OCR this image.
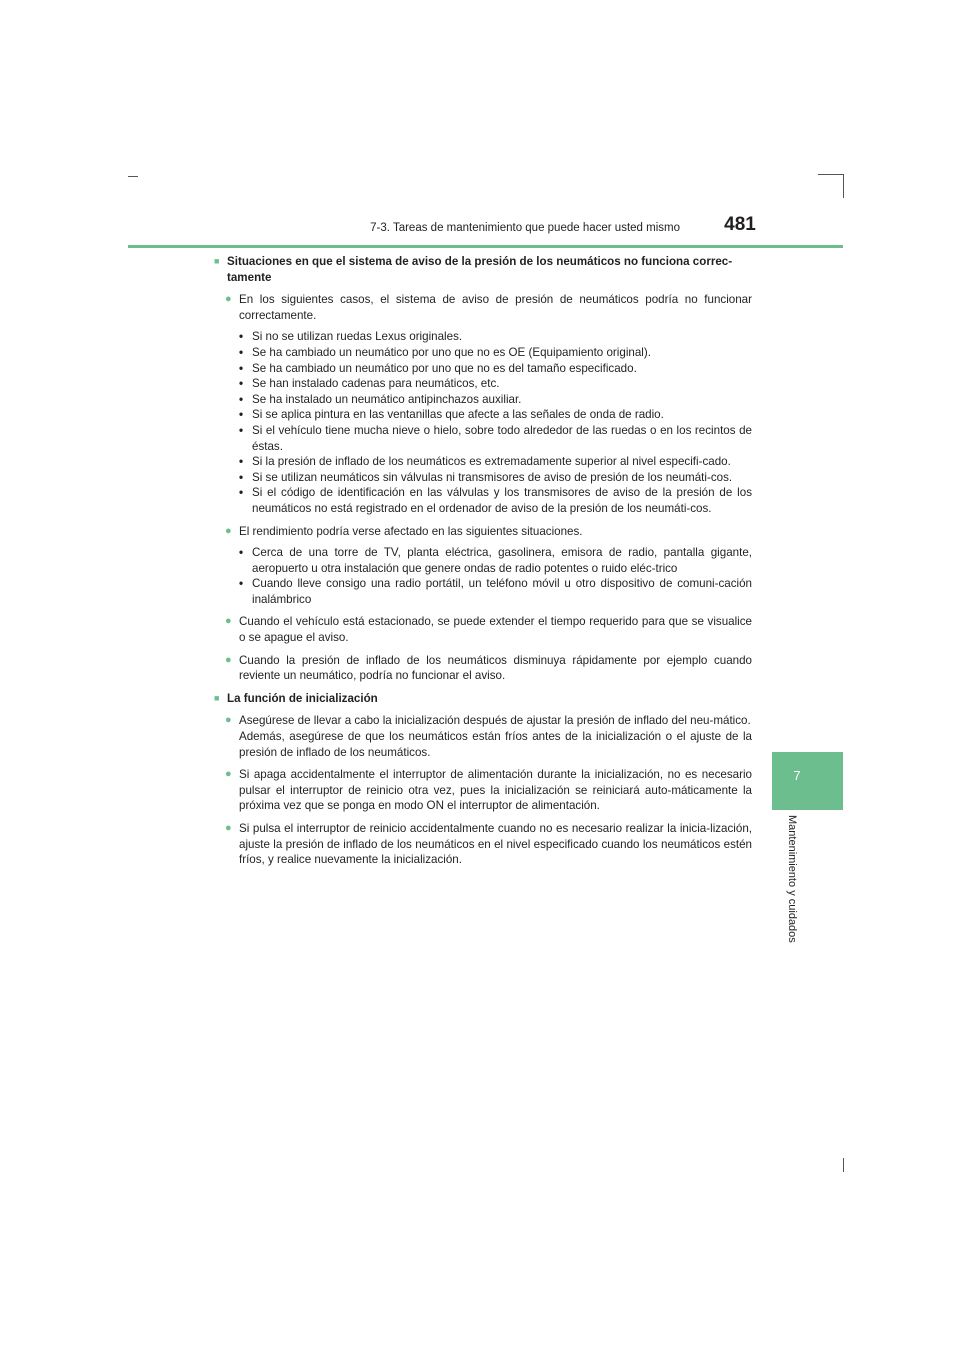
7-3. Tareas de mantenimiento que puede hacer usted mismo	481
7
Mantenimiento y cuidados
■ Situaciones en que el sistema de aviso de la presión de los neumáticos no funciona correc-tamente
● En los siguientes casos, el sistema de aviso de presión de neumáticos podría no funcionar correctamente.
• Si no se utilizan ruedas Lexus originales.
• Se ha cambiado un neumático por uno que no es OE (Equipamiento original).
• Se ha cambiado un neumático por uno que no es del tamaño especificado.
• Se han instalado cadenas para neumáticos, etc.
• Se ha instalado un neumático antipinchazos auxiliar.
• Si se aplica pintura en las ventanillas que afecte a las señales de onda de radio.
• Si el vehículo tiene mucha nieve o hielo, sobre todo alrededor de las ruedas o en los recintos de éstas.
• Si la presión de inflado de los neumáticos es extremadamente superior al nivel especifi-cado.
• Si se utilizan neumáticos sin válvulas ni transmisores de aviso de presión de los neumáti-cos.
• Si el código de identificación en las válvulas y los transmisores de aviso de la presión de los neumáticos no está registrado en el ordenador de aviso de la presión de los neumáti-cos.
● El rendimiento podría verse afectado en las siguientes situaciones.
• Cerca de una torre de TV, planta eléctrica, gasolinera, emisora de radio, pantalla gigante, aeropuerto u otra instalación que genere ondas de radio potentes o ruido eléc-trico
• Cuando lleve consigo una radio portátil, un teléfono móvil u otro dispositivo de comuni-cación inalámbrico
● Cuando el vehículo está estacionado, se puede extender el tiempo requerido para que se visualice o se apague el aviso.
● Cuando la presión de inflado de los neumáticos disminuya rápidamente por ejemplo cuando reviente un neumático, podría no funcionar el aviso.
■ La función de inicialización
● Asegúrese de llevar a cabo la inicialización después de ajustar la presión de inflado del neu-mático.
Además, asegúrese de que los neumáticos están fríos antes de la inicialización o el ajuste de la presión de inflado de los neumáticos.
● Si apaga accidentalmente el interruptor de alimentación durante la inicialización, no es necesario pulsar el interruptor de reinicio otra vez, pues la inicialización se reiniciará auto-máticamente la próxima vez que se ponga en modo ON el interruptor de alimentación.
● Si pulsa el interruptor de reinicio accidentalmente cuando no es necesario realizar la inicia-lización, ajuste la presión de inflado de los neumáticos en el nivel especificado cuando los neumáticos estén fríos, y realice nuevamente la inicialización.
